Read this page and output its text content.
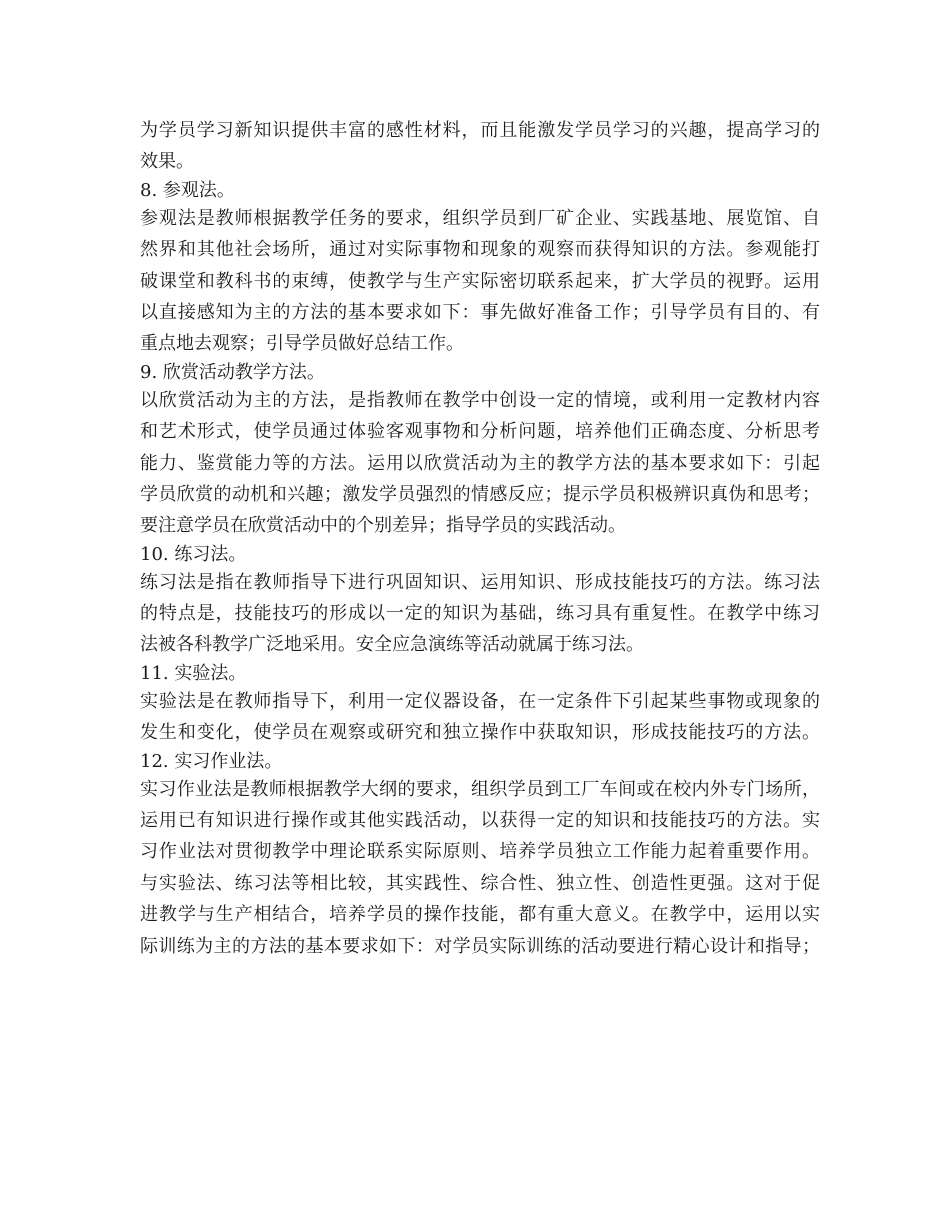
为学员学习新知识提供丰富的感性材料，而且能激发学员学习的兴趣，提高学习的
效果。
8. 参观法。
参观法是教师根据教学任务的要求，组织学员到厂矿企业、实践基地、展览馆、自
然界和其他社会场所，通过对实际事物和现象的观察而获得知识的方法。参观能打
破课堂和教科书的束缚，使教学与生产实际密切联系起来，扩大学员的视野。运用
以直接感知为主的方法的基本要求如下：事先做好准备工作；引导学员有目的、有
重点地去观察；引导学员做好总结工作。
9. 欣赏活动教学方法。
以欣赏活动为主的方法，是指教师在教学中创设一定的情境，或利用一定教材内容
和艺术形式，使学员通过体验客观事物和分析问题，培养他们正确态度、分析思考
能力、鉴赏能力等的方法。运用以欣赏活动为主的教学方法的基本要求如下：引起
学员欣赏的动机和兴趣；激发学员强烈的情感反应；提示学员积极辨识真伪和思考；
要注意学员在欣赏活动中的个别差异；指导学员的实践活动。
10. 练习法。
练习法是指在教师指导下进行巩固知识、运用知识、形成技能技巧的方法。练习法
的特点是，技能技巧的形成以一定的知识为基础，练习具有重复性。在教学中练习
法被各科教学广泛地采用。安全应急演练等活动就属于练习法。
11. 实验法。
实验法是在教师指导下，利用一定仪器设备，在一定条件下引起某些事物或现象的
发生和变化，使学员在观察或研究和独立操作中获取知识，形成技能技巧的方法。
12. 实习作业法。
实习作业法是教师根据教学大纲的要求，组织学员到工厂车间或在校内外专门场所，
运用已有知识进行操作或其他实践活动，以获得一定的知识和技能技巧的方法。实
习作业法对贯彻教学中理论联系实际原则、培养学员独立工作能力起着重要作用。
与实验法、练习法等相比较，其实践性、综合性、独立性、创造性更强。这对于促
进教学与生产相结合，培养学员的操作技能，都有重大意义。在教学中，运用以实
际训练为主的方法的基本要求如下：对学员实际训练的活动要进行精心设计和指导；
